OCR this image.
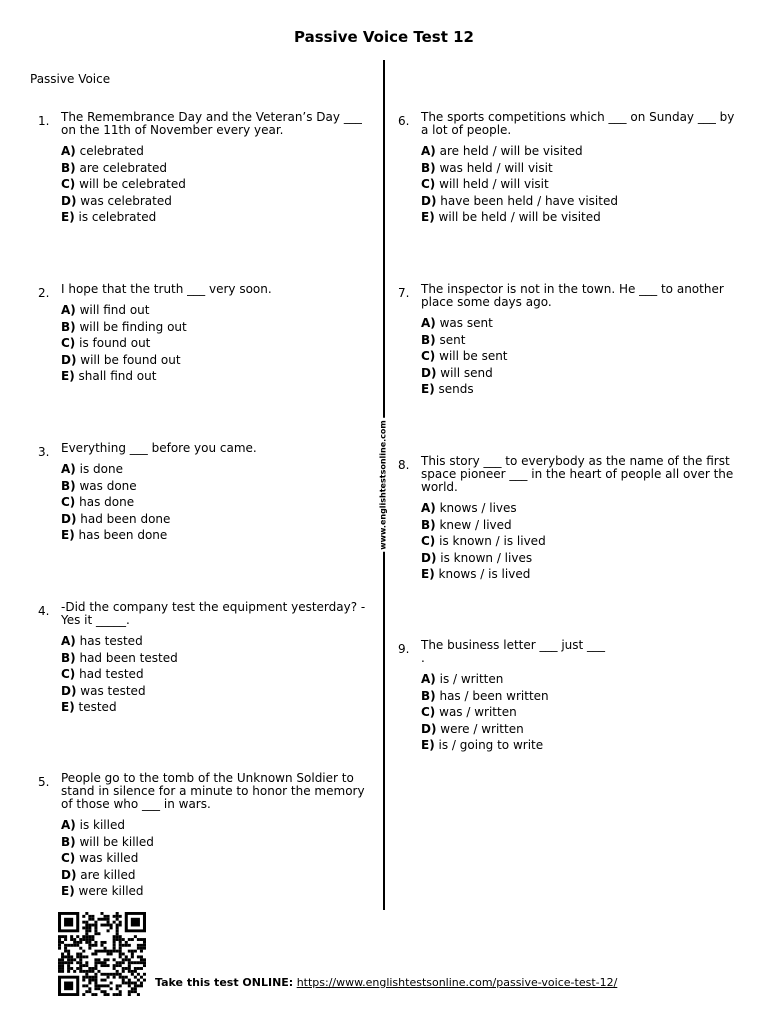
Passive Voice Test 12
Passive Voice
www.englishtestsonline.com
1. The Remembrance Day and the Veteran’s Day ___ on the 11th of November every year.
A) celebrated
B) are celebrated
C) will be celebrated
D) was celebrated
E) is celebrated
2. I hope that the truth ___ very soon.
A) will find out
B) will be finding out
C) is found out
D) will be found out
E) shall find out
3. Everything ___ before you came.
A) is done
B) was done
C) has done
D) had been done
E) has been done
4. -Did the company test the equipment yesterday? -Yes it _____.
A) has tested
B) had been tested
C) had tested
D) was tested
E) tested
5. People go to the tomb of the Unknown Soldier to stand in silence for a minute to honor the memory of those who ___ in wars.
A) is killed
B) will be killed
C) was killed
D) are killed
E) were killed
6. The sports competitions which ___ on Sunday ___ by a lot of people.
A) are held / will be visited
B) was held / will visit
C) will held / will visit
D) have been held / have visited
E) will be held / will be visited
7. The inspector is not in the town. He ___ to another place some days ago.
A) was sent
B) sent
C) will be sent
D) will send
E) sends
8. This story ___ to everybody as the name of the first space pioneer ___ in the heart of people all over the world.
A) knows / lives
B) knew / lived
C) is known / is lived
D) is known / lives
E) knows / is lived
9. The business letter ___ just ___ .
A) is / written
B) has / been written
C) was / written
D) were / written
E) is / going to write
Take this test ONLINE: https://www.englishtestsonline.com/passive-voice-test-12/
